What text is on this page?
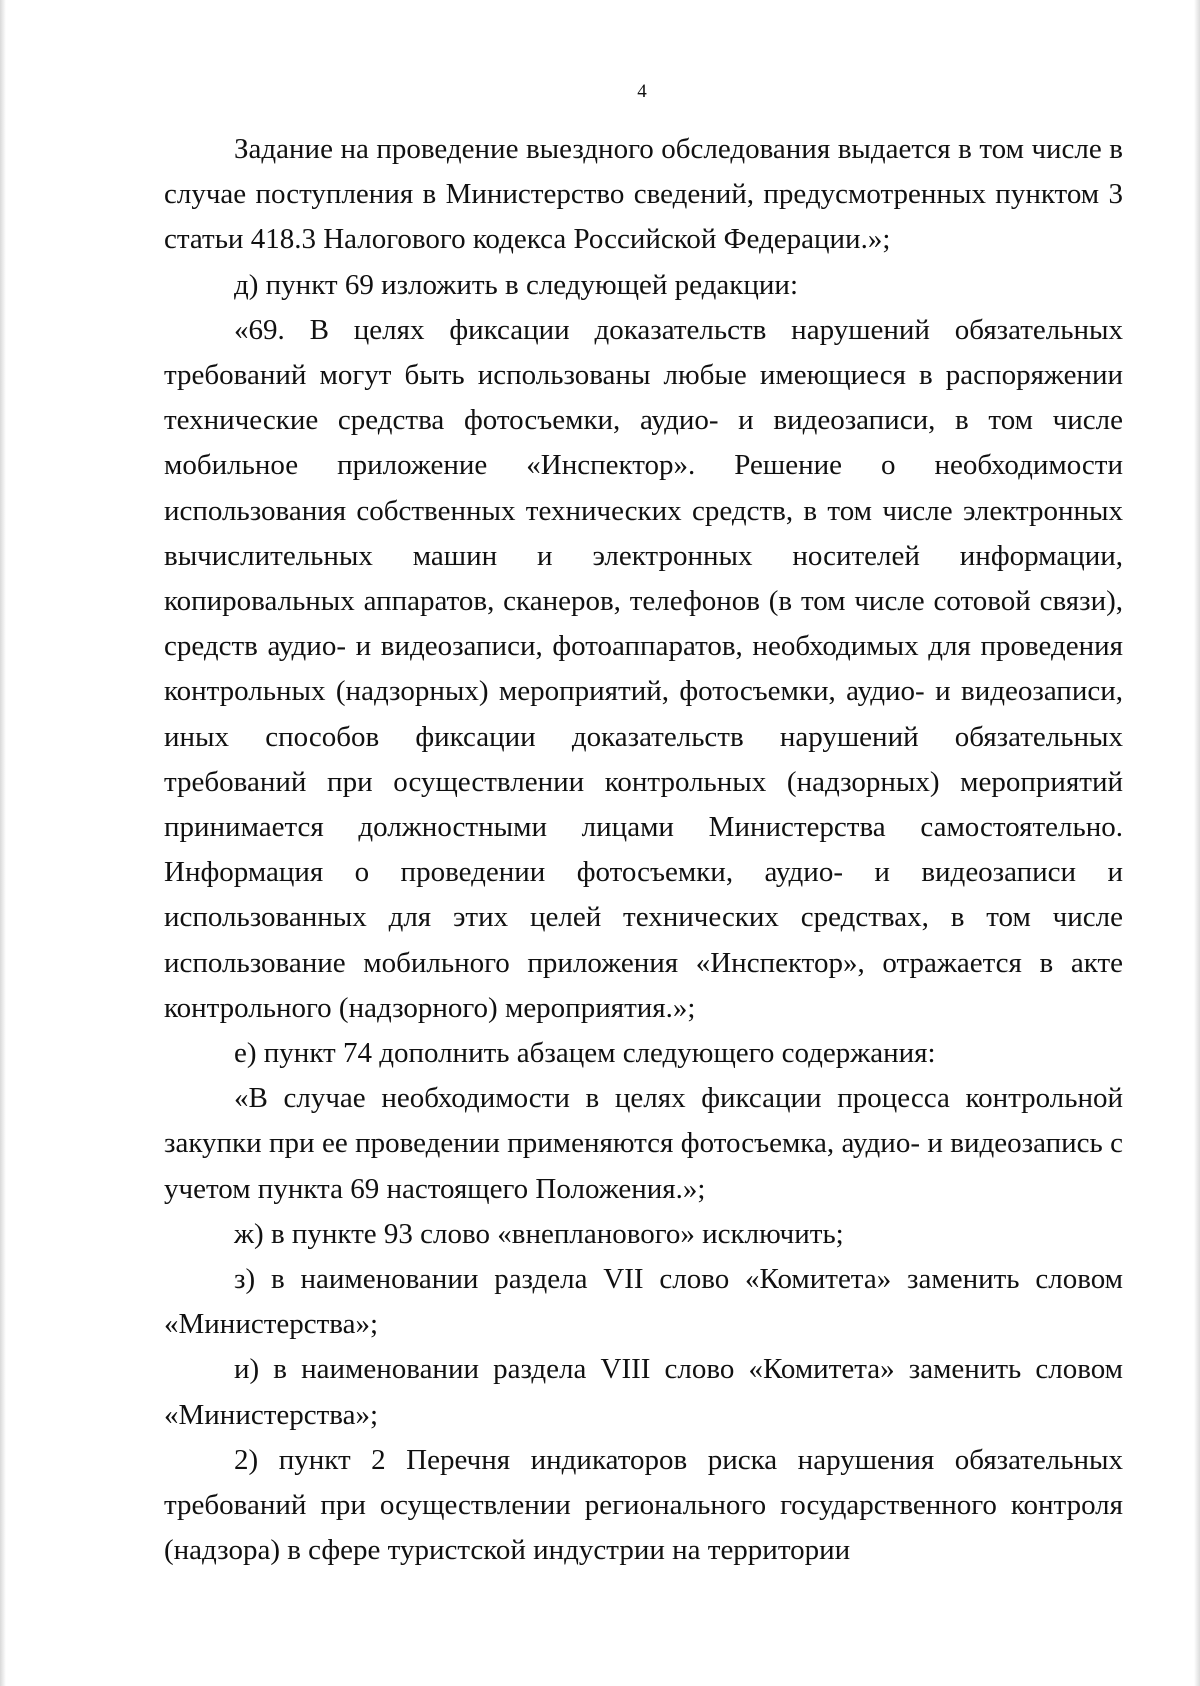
4

Задание на проведение выездного обследования выдается в том числе в случае поступления в Министерство сведений, предусмотренных пунктом 3 статьи 418.3 Налогового кодекса Российской Федерации.»;

д) пункт 69 изложить в следующей редакции:

«69. В целях фиксации доказательств нарушений обязательных требований могут быть использованы любые имеющиеся в распоряжении технические средства фотосъемки, аудио- и видеозаписи, в том числе мобильное приложение «Инспектор». Решение о необходимости использования собственных технических средств, в том числе электронных вычислительных машин и электронных носителей информации, копировальных аппаратов, сканеров, телефонов (в том числе сотовой связи), средств аудио- и видеозаписи, фотоаппаратов, необходимых для проведения контрольных (надзорных) мероприятий, фотосъемки, аудио- и видеозаписи, иных способов фиксации доказательств нарушений обязательных требований при осуществлении контрольных (надзорных) мероприятий принимается должностными лицами Министерства самостоятельно. Информация о проведении фотосъемки, аудио- и видеозаписи и использованных для этих целей технических средствах, в том числе использование мобильного приложения «Инспектор», отражается в акте контрольного (надзорного) мероприятия.»;

е) пункт 74 дополнить абзацем следующего содержания:

«В случае необходимости в целях фиксации процесса контрольной закупки при ее проведении применяются фотосъемка, аудио- и видеозапись с учетом пункта 69 настоящего Положения.»;

ж) в пункте 93 слово «внепланового» исключить;

з) в наименовании раздела VII слово «Комитета» заменить словом «Министерства»;

и) в наименовании раздела VIII слово «Комитета» заменить словом «Министерства»;

2) пункт 2 Перечня индикаторов риска нарушения обязательных требований при осуществлении регионального государственного контроля (надзора) в сфере туристской индустрии на территории
